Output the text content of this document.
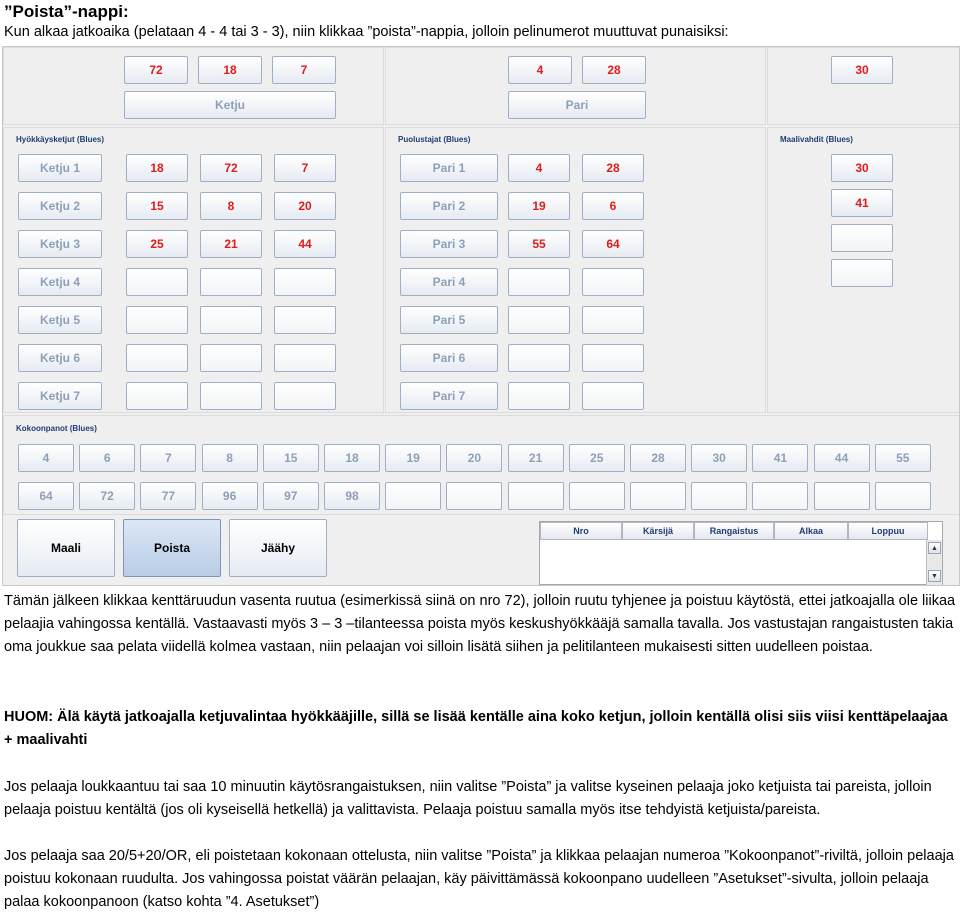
”Poista”-nappi:
Kun alkaa jatkoaika (pelataan 4 - 4 tai 3 - 3), niin klikkaa ”poista”-nappia, jolloin pelinumerot muuttuvat punaisiksi:
72	18	7
Ketju
4	28
Pari
30
Hyökkäysketjut (Blues)
Ketju 1	18	72	7
Ketju 2	15	8	20
Ketju 3	25	21	44
Ketju 4
Ketju 5
Ketju 6
Ketju 7
Puolustajat (Blues)
Pari 1	4	28
Pari 2	19	6
Pari 3	55	64
Pari 4
Pari 5
Pari 6
Pari 7
Maalivahdit (Blues)
30
41
Kokoonpanot (Blues)
4	6	7	8	15	18	19	20	21	25	28	30	41	44	55
64	72	77	96	97	98
Maali	Poista	Jäähy
Nro	Kärsijä	Rangaistus	Alkaa	Loppuu
▲
▼
Tämän jälkeen klikkaa kenttäruudun vasenta ruutua (esimerkissä siinä on nro 72), jolloin ruutu tyhjenee ja poistuu käytöstä, ettei jatkoajalla ole liikaa pelaajia vahingossa kentällä. Vastaavasti myös 3 – 3 –tilanteessa poista myös keskushyökkääjä samalla tavalla. Jos vastustajan rangaistusten takia oma joukkue saa pelata viidellä kolmea vastaan, niin pelaajan voi silloin lisätä siihen ja pelitilanteen mukaisesti sitten uudelleen poistaa.
HUOM: Älä käytä jatkoajalla ketjuvalintaa hyökkääjille, sillä se lisää kentälle aina koko ketjun, jolloin kentällä olisi siis viisi kenttäpelaajaa + maalivahti
Jos pelaaja loukkaantuu tai saa 10 minuutin käytösrangaistuksen, niin valitse ”Poista” ja valitse kyseinen pelaaja joko ketjuista tai pareista, jolloin pelaaja poistuu kentältä (jos oli kyseisellä hetkellä) ja valittavista. Pelaaja poistuu samalla myös itse tehdyistä ketjuista/pareista.
Jos pelaaja saa 20/5+20/OR, eli poistetaan kokonaan ottelusta, niin valitse ”Poista” ja klikkaa pelaajan numeroa ”Kokoonpanot”-riviltä, jolloin pelaaja poistuu kokonaan ruudulta. Jos vahingossa poistat väärän pelaajan, käy päivittämässä kokoonpano uudelleen ”Asetukset”-sivulta, jolloin pelaaja palaa kokoonpanoon (katso kohta ”4. Asetukset”)
